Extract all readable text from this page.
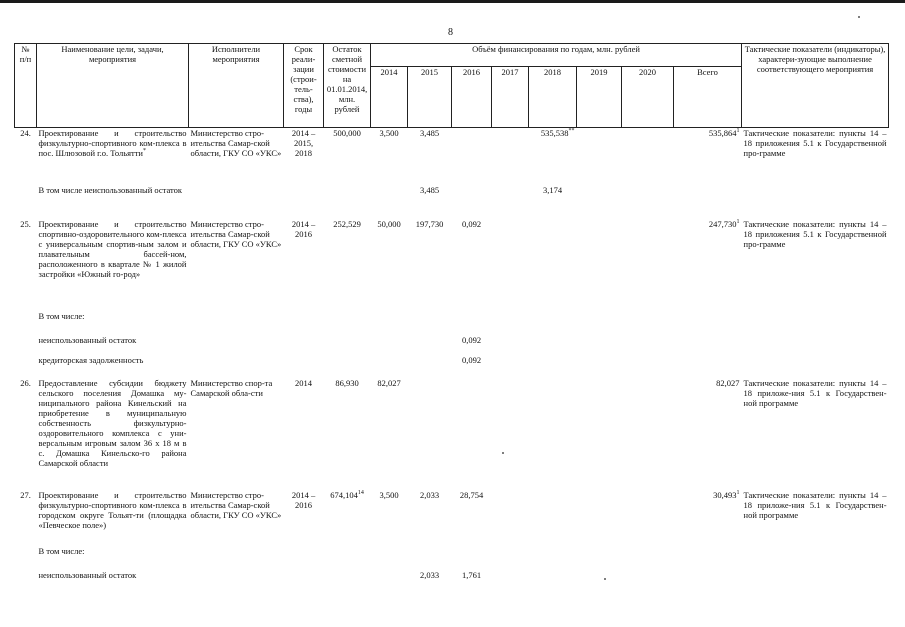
8
№ п/п	Наименование цели, задачи, мероприятия	Исполнители мероприятия	Срок реали-зации (строи-тель-ства), годы	Остаток сметной стоимости на 01.01.2014, млн. рублей	Объём финансирования по годам, млн. рублей								Тактические показатели (индикаторы), характери-зующие выполнение соответствующего мероприятия
					2014	2015	2016	2017	2018	2019	2020	Всего	
24.	Проектирование и строительство физкультурно-спортивного ком-плекса в пос. Шлюзовой г.о. Тольятти*	Министерство стро-ительства Самар-ской области, ГКУ СО «УКС»	2014 – 2015, 2018	500,000	3,500	3,485			535,538**			535,864$^1$	Тактические показатели: пункты 14 – 18 приложения 5.1 к Государственной про-грамме
	В том числе неиспользованный остаток					3,485			3,174				
25.	Проектирование и строительство спортивно-оздоровительного ком-плекса с универсальным спортив-ным залом и плавательным бассей-ном, расположенного в квартале № 1 жилой застройки «Южный го-род»	Министерство стро-ительства Самар-ской области, ГКУ СО «УКС»	2014 – 2016	252,529	50,000	197,730	0,092					247,730$^1$	Тактические показатели: пункты 14 – 18 приложения 5.1 к Государственной про-грамме
	В том числе:												
	неиспользованный остаток						0,092						
	кредиторская задолженность						0,092						
26.	Предоставление субсидии бюджету сельского поселения Домашка му-ниципального района Кинельский на приобретение в муниципальную собственность физкультурно-оздоровительного комплекса с уни-версальным игровым залом 36 x 18 м в с. Домашка Кинельско-го района Самарской области	Министерство спор-та Самарской обла-сти	2014	86,930	82,027							82,027	Тактические показатели: пункты 14 – 18 приложе-ния 5.1 к Государствен-ной программе
27.	Проектирование и строительство физкультурно-спортивного ком-плекса в городском округе Тольят-ти (площадка «Певческое поле»)	Министерство стро-ительства Самар-ской области, ГКУ СО «УКС»	2014 – 2016	674,104$^{14}$	3,500	2,033	28,754					30,493$^1$	Тактические показатели: пункты 14 – 18 приложе-ния 5.1 к Государствен-ной программе
	В том числе:												
	неиспользованный остаток					2,033	1,761						
